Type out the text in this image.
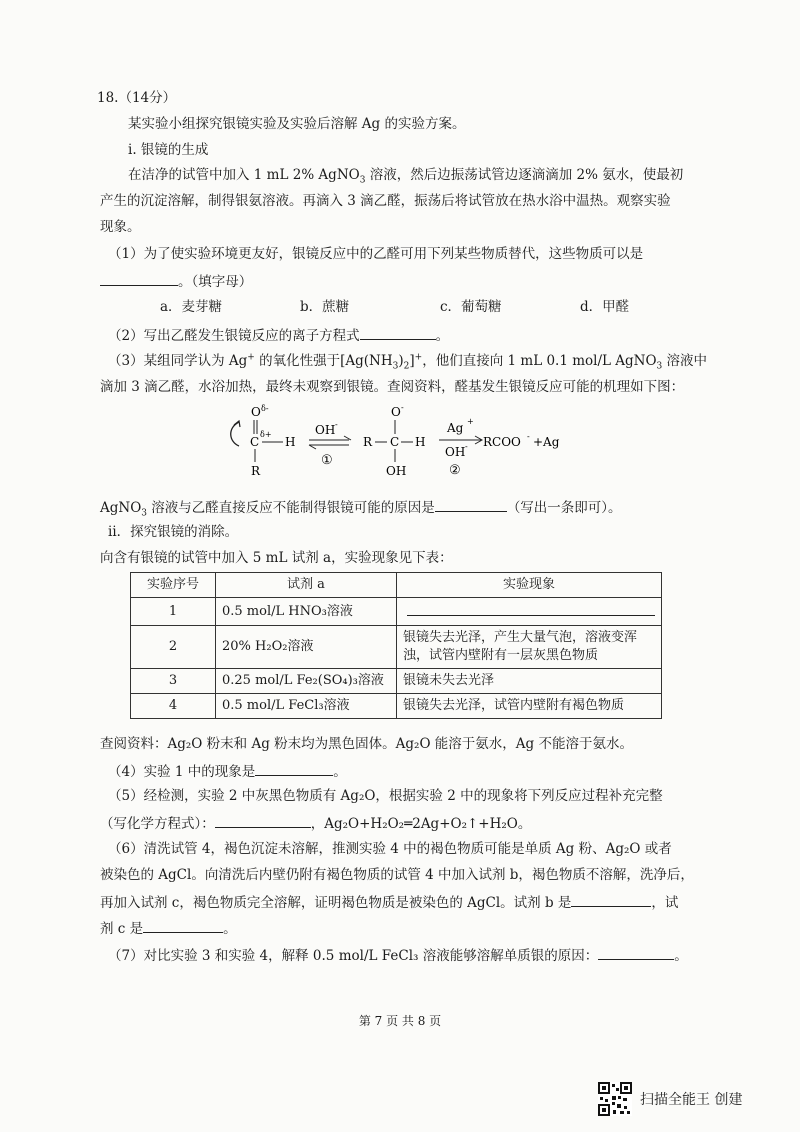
18.（14分）
某实验小组探究银镜实验及实验后溶解 Ag 的实验方案。
ⅰ. 银镜的生成
在洁净的试管中加入 1 mL 2% AgNO$_3$ 溶液，然后边振荡试管边逐滴滴加 2% 氨水，使最初
产生的沉淀溶解，制得银氨溶液。再滴入 3 滴乙醛，振荡后将试管放在热水浴中温热。观察实验
现象。
（1）为了使实验环境更友好，银镜反应中的乙醛可用下列某些物质替代，这些物质可以是
。（填字母）
a．麦芽糖	b．蔗糖	c．葡萄糖	d．甲醛
（2）写出乙醛发生银镜反应的离子方程式	。
（3）某组同学认为 Ag+ 的氧化性强于$[Ag(NH_3)_2]^+$，他们直接向 1 mL 0.1 mol/L AgNO$_3$ 溶液中
滴加 3 滴乙醛，水浴加热，最终未观察到银镜。查阅资料，醛基发生银镜反应可能的机理如下图：
O δ-
C
δ+
H
R
OH -
①
O -
R C H
OH
Ag +
OH -
②
RCOO - +Ag
AgNO$_3$ 溶液与乙醛直接反应不能制得银镜可能的原因是	（写出一条即可）。
ⅱ．探究银镜的消除。
向含有银镜的试管中加入 5 mL 试剂 a，实验现象见下表：
实验序号	试剂 a	实验现象
1	0.5 mol/L HNO₃溶液	
2	20% H₂O₂溶液	银镜失去光泽，产生大量气泡，溶液变浑浊，试管内壁附有一层灰黑色物质
3	0.25 mol/L Fe₂(SO₄)₃溶液	银镜未失去光泽
4	0.5 mol/L FeCl₃溶液	银镜失去光泽，试管内壁附有褐色物质
查阅资料：Ag₂O 粉末和 Ag 粉末均为黑色固体。Ag₂O 能溶于氨水，Ag 不能溶于氨水。
（4）实验 1 中的现象是	。
（5）经检测，实验 2 中灰黑色物质有 Ag₂O，根据实验 2 中的现象将下列反应过程补充完整
（写化学方程式）：	，Ag₂O+H₂O₂═2Ag+O₂↑+H₂O。
（6）清洗试管 4，褐色沉淀未溶解，推测实验 4 中的褐色物质可能是单质 Ag 粉、Ag₂O 或者
被染色的 AgCl。向清洗后内壁仍附有褐色物质的试管 4 中加入试剂 b，褐色物质不溶解，洗净后，
再加入试剂 c，褐色物质完全溶解，证明褐色物质是被染色的 AgCl。试剂 b 是	，试
剂 c 是	。
（7）对比实验 3 和实验 4，解释 0.5 mol/L FeCl₃ 溶液能够溶解单质银的原因：	。
第 7 页 共 8 页
扫描全能王 创建
